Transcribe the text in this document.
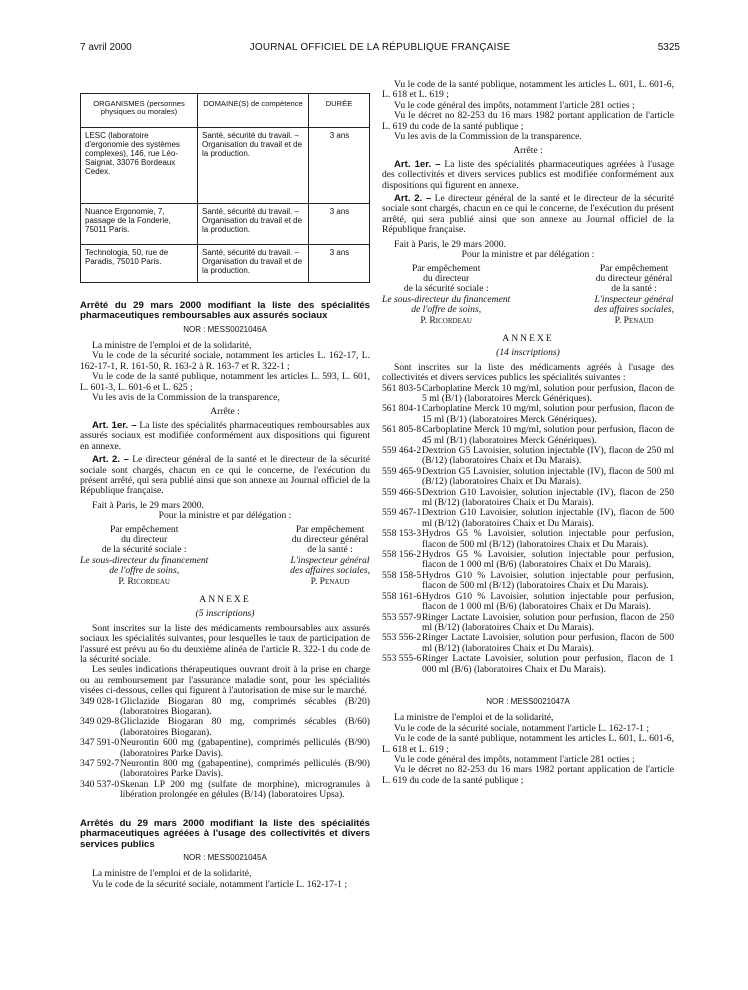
7 avril 2000	JOURNAL OFFICIEL DE LA RÉPUBLIQUE FRANÇAISE	5325
ORGANISMES (personnes physiques ou morales)	DOMAINE(S) de compétence	DURÉE
LESC (laboratoire d'ergonomie des systèmes complexes), 146, rue Léo-Saignat, 33076 Bordeaux Cedex.	Santé, sécurité du travail. – Organisation du travail et de la production.	3 ans
Nuance Ergonomie, 7, passage de la Fonderie, 75011 Paris.	Santé, sécurité du travail. – Organisation du travail et de la production.	3 ans
Technologia, 50, rue de Paradis, 75010 Paris.	Santé, sécurité du travail. – Organisation du travail et de la production.	3 ans

Arrêté du 29 mars 2000 modifiant la liste des spécialités pharmaceutiques remboursables aux assurés sociaux

NOR : MESS0021046A

La ministre de l'emploi et de la solidarité,

Vu le code de la sécurité sociale, notamment les articles L. 162-17, L. 162-17-1, R. 161-50, R. 163-2 à R. 163-7 et R. 322-1 ;

Vu le code de la santé publique, notamment les articles L. 593, L. 601, L. 601-3, L. 601-6 et L. 625 ;

Vu les avis de la Commission de la transparence,

Arrête :

Art. 1er. – La liste des spécialités pharmaceutiques remboursables aux assurés sociaux est modifiée conformément aux dispositions qui figurent en annexe.

Art. 2. – Le directeur général de la santé et le directeur de la sécurité sociale sont chargés, chacun en ce qui le concerne, de l'exécution du présent arrêté, qui sera publié ainsi que son annexe au Journal officiel de la République française.

Fait à Paris, le 29 mars 2000.

Pour la ministre et par délégation :

Par empêchement
du directeur
de la sécurité sociale :
Le sous-directeur du financement
de l'offre de soins,
P. Ricordeau
Par empêchement
du directeur général
de la santé :
L'inspecteur général
des affaires sociales,
P. Penaud

ANNEXE

(5 inscriptions)

Sont inscrites sur la liste des médicaments remboursables aux assurés sociaux les spécialités suivantes, pour lesquelles le taux de participation de l'assuré est prévu au 6o du deuxième alinéa de l'article R. 322-1 du code de la sécurité sociale.

Les seules indications thérapeutiques ouvrant droit à la prise en charge ou au remboursement par l'assurance maladie sont, pour les spécialités visées ci-dessous, celles qui figurent à l'autorisation de mise sur le marché.

349 028-1 Gliclazide Biogaran 80 mg, comprimés sécables (B/20) (laboratoires Biogaran).
349 029-8 Gliclazide Biogaran 80 mg, comprimés sécables (B/60) (laboratoires Biogaran).
347 591-0 Neurontin 600 mg (gabapentine), comprimés pelliculés (B/90) (laboratoires Parke Davis).
347 592-7 Neurontin 800 mg (gabapentine), comprimés pelliculés (B/90) (laboratoires Parke Davis).
340 537-0 Skenan LP 200 mg (sulfate de morphine), microgranules à libération prolongée en gélules (B/14) (laboratoires Upsa).

Arrêtés du 29 mars 2000 modifiant la liste des spécialités pharmaceutiques agréées à l'usage des collectivités et divers services publics

NOR : MESS0021045A

La ministre de l'emploi et de la solidarité,

Vu le code de la sécurité sociale, notamment l'article L. 162-17-1 ;

Vu le code de la santé publique, notamment les articles L. 601, L. 601-6, L. 618 et L. 619 ;

Vu le code général des impôts, notamment l'article 281 octies ;

Vu le décret no 82-253 du 16 mars 1982 portant application de l'article L. 619 du code de la santé publique ;

Vu les avis de la Commission de la transparence.

Arrête :

Art. 1er. – La liste des spécialités pharmaceutiques agréées à l'usage des collectivités et divers services publics est modifiée conformément aux dispositions qui figurent en annexe.

Art. 2. – Le directeur général de la santé et le directeur de la sécurité sociale sont chargés, chacun en ce qui le concerne, de l'exécution du présent arrêté, qui sera publié ainsi que son annexe au Journal officiel de la République française.

Fait à Paris, le 29 mars 2000.

Pour la ministre et par délégation :

Par empêchement
du directeur
de la sécurité sociale :
Le sous-directeur du financement
de l'offre de soins,
P. Ricordeau
Par empêchement
du directeur général
de la santé :
L'inspecteur général
des affaires sociales,
P. Penaud

ANNEXE

(14 inscriptions)

Sont inscrites sur la liste des médicaments agréés à l'usage des collectivités et divers services publics les spécialités suivantes :

561 803-5 Carboplatine Merck 10 mg/ml, solution pour perfusion, flacon de 5 ml (B/1) (laboratoires Merck Génériques).
561 804-1 Carboplatine Merck 10 mg/ml, solution pour perfusion, flacon de 15 ml (B/1) (laboratoires Merck Génériques).
561 805-8 Carboplatine Merck 10 mg/ml, solution pour perfusion, flacon de 45 ml (B/1) (laboratoires Merck Génériques).
559 464-2 Dextrion G5 Lavoisier, solution injectable (IV), flacon de 250 ml (B/12) (laboratoires Chaix et Du Marais).
559 465-9 Dextrion G5 Lavoisier, solution injectable (IV), flacon de 500 ml (B/12) (laboratoires Chaix et Du Marais).
559 466-5 Dextrion G10 Lavoisier, solution injectable (IV), flacon de 250 ml (B/12) (laboratoires Chaix et Du Marais).
559 467-1 Dextrion G10 Lavoisier, solution injectable (IV), flacon de 500 ml (B/12) (laboratoires Chaix et Du Marais).
558 153-3 Hydros G5 % Lavoisier, solution injectable pour perfusion, flacon de 500 ml (B/12) (laboratoires Chaix et Du Marais).
558 156-2 Hydros G5 % Lavoisier, solution injectable pour perfusion, flacon de 1 000 ml (B/6) (laboratoires Chaix et Du Marais).
558 158-5 Hydros G10 % Lavoisier, solution injectable pour perfusion, flacon de 500 ml (B/12) (laboratoires Chaix et Du Marais).
558 161-6 Hydros G10 % Lavoisier, solution injectable pour perfusion, flacon de 1 000 ml (B/6) (laboratoires Chaix et Du Marais).
553 557-9 Ringer Lactate Lavoisier, solution pour perfusion, flacon de 250 ml (B/12) (laboratoires Chaix et Du Marais).
553 556-2 Ringer Lactate Lavoisier, solution pour perfusion, flacon de 500 ml (B/12) (laboratoires Chaix et Du Marais).
553 555-6 Ringer Lactate Lavoisier, solution pour perfusion, flacon de 1 000 ml (B/6) (laboratoires Chaix et Du Marais).

NOR : MESS0021047A

La ministre de l'emploi et de la solidarité,

Vu le code de la sécurité sociale, notamment l'article L. 162-17-1 ;

Vu le code de la santé publique, notamment les articles L. 601, L. 601-6, L. 618 et L. 619 ;

Vu le code général des impôts, notamment l'article 281 octies ;

Vu le décret no 82-253 du 16 mars 1982 portant application de l'article L. 619 du code de la santé publique ;
